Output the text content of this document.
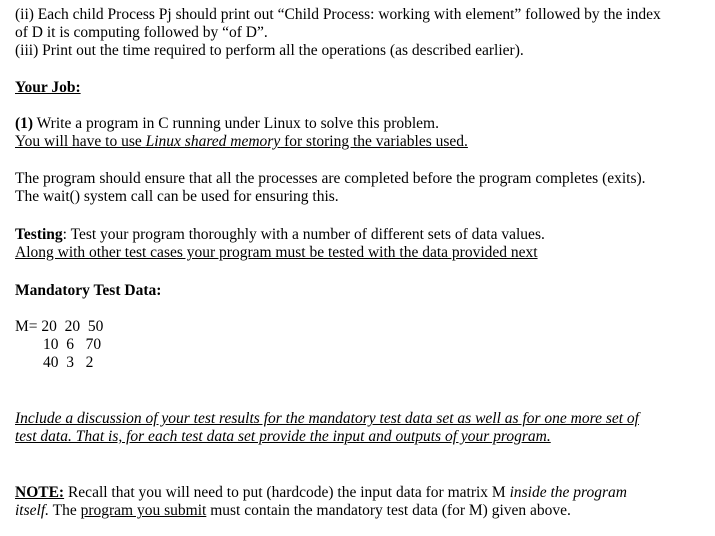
(ii) Each child Process Pj should print out “Child Process: working with element” followed by the index
of D it is computing followed by “of D”.
(iii) Print out the time required to perform all the operations (as described earlier).
Your Job:
(1) Write a program in C running under Linux to solve this problem.
You will have to use Linux shared memory for storing the variables used.
The program should ensure that all the processes are completed before the program completes (exits).
The wait() system call can be used for ensuring this.
Testing: Test your program thoroughly with a number of different sets of data values.
Along with other test cases your program must be tested with the data provided next
Mandatory Test Data:
M= 20  20  50
10  6   70
40  3   2
Include a discussion of your test results for the mandatory test data set as well as for one more set of
test data. That is, for each test data set provide the input and outputs of your program.
NOTE: Recall that you will need to put (hardcode) the input data for matrix M inside the program
itself. The program you submit must contain the mandatory test data (for M) given above.
